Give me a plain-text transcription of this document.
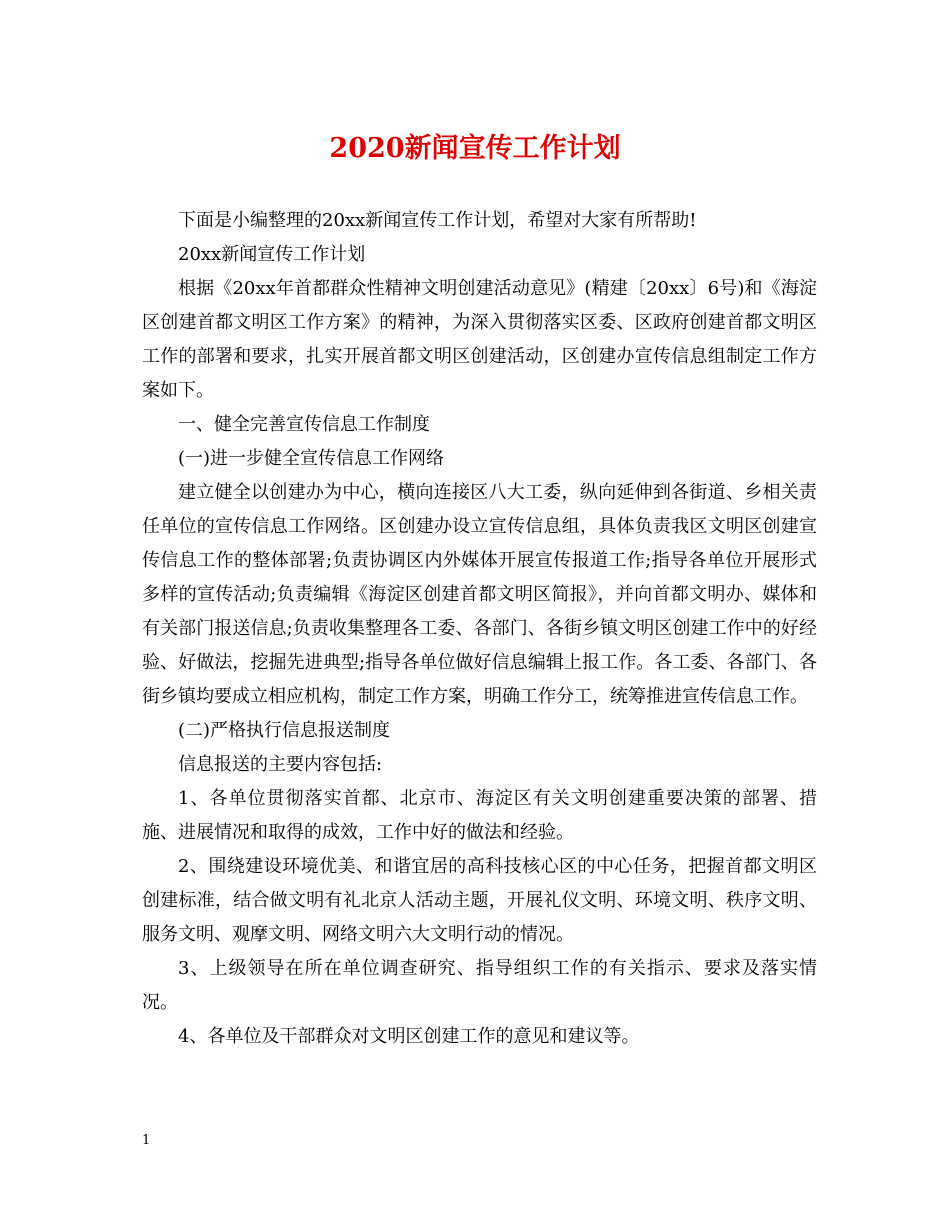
2020新闻宣传工作计划

下面是小编整理的20xx新闻宣传工作计划，希望对大家有所帮助!

20xx新闻宣传工作计划

根据《20xx年首都群众性精神文明创建活动意见》(精建〔20xx〕6号)和《海淀区创建首都文明区工作方案》的精神，为深入贯彻落实区委、区政府创建首都文明区工作的部署和要求，扎实开展首都文明区创建活动，区创建办宣传信息组制定工作方案如下。

一、健全完善宣传信息工作制度

(一)进一步健全宣传信息工作网络

建立健全以创建办为中心，横向连接区八大工委，纵向延伸到各街道、乡相关责任单位的宣传信息工作网络。区创建办设立宣传信息组，具体负责我区文明区创建宣传信息工作的整体部署;负责协调区内外媒体开展宣传报道工作;指导各单位开展形式多样的宣传活动;负责编辑《海淀区创建首都文明区简报》，并向首都文明办、媒体和有关部门报送信息;负责收集整理各工委、各部门、各街乡镇文明区创建工作中的好经验、好做法，挖掘先进典型;指导各单位做好信息编辑上报工作。各工委、各部门、各街乡镇均要成立相应机构，制定工作方案，明确工作分工，统筹推进宣传信息工作。

(二)严格执行信息报送制度

信息报送的主要内容包括:

1、各单位贯彻落实首都、北京市、海淀区有关文明创建重要决策的部署、措施、进展情况和取得的成效，工作中好的做法和经验。

2、围绕建设环境优美、和谐宜居的高科技核心区的中心任务，把握首都文明区创建标准，结合做文明有礼北京人活动主题，开展礼仪文明、环境文明、秩序文明、服务文明、观摩文明、网络文明六大文明行动的情况。

3、上级领导在所在单位调查研究、指导组织工作的有关指示、要求及落实情况。

4、各单位及干部群众对文明区创建工作的意见和建议等。

1
